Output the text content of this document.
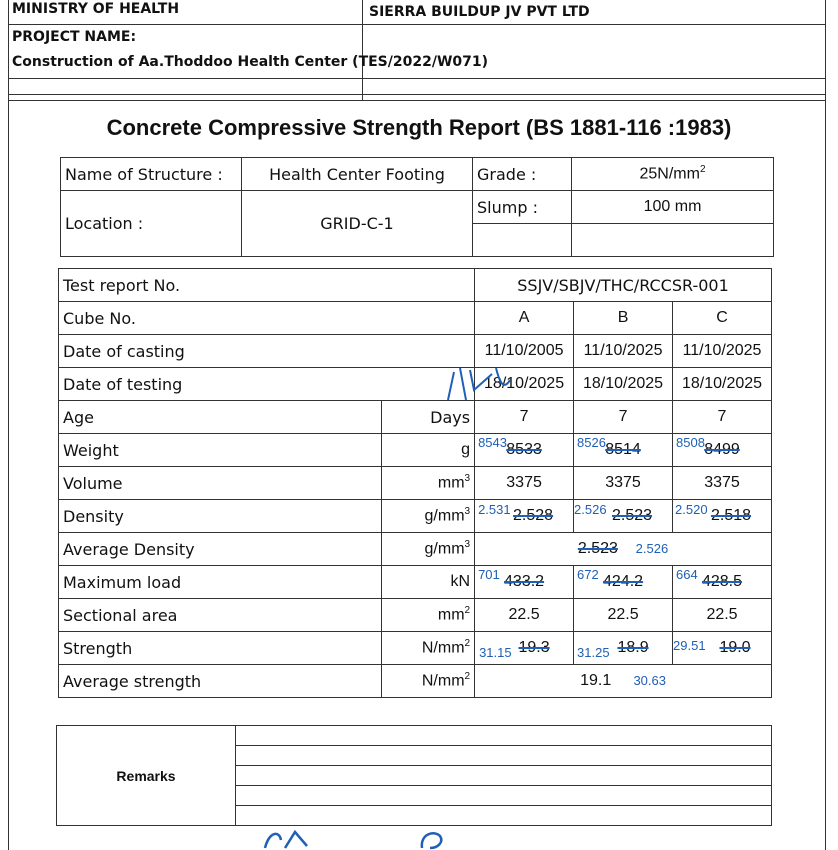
MINISTRY OF HEALTH	SIERRA BUILDUP JV PVT LTD
PROJECT NAME:
Construction of Aa.Thoddoo Health Center (TES/2022/W071)
Concrete Compressive Strength Report (BS 1881-116 :1983)
Name of Structure :	Health Center Footing	Grade :	$25N/mm^2$
Location :	GRID-C-1	Slump :	100 mm

Test report No.		SSJV/SBJV/THC/RCCSR-001		
Cube No.		A	B	C
Date of casting		11/10/2005	11/10/2025	11/10/2025
Date of testing		18/10/2025	18/10/2025	18/10/2025
Age	Days	7	7	7
Weight	g	8543 8533	8526 8514	8508 8499
Volume	$mm^3$	3375	3375	3375
Density	$g/mm^3$	2.531 2.528	2.526 2.523	2.520 2.518
Average Density	$g/mm^3$	2.523 2.526		
Maximum load	kN	701 433.2	672 424.2	664 428.5
Sectional area	$mm^2$	22.5	22.5	22.5
Strength	$N/mm^2$	31.15 19.3	31.25 18.9	29.51 19.0
Average strength	$N/mm^2$	19.1 30.63		
Remarks	
